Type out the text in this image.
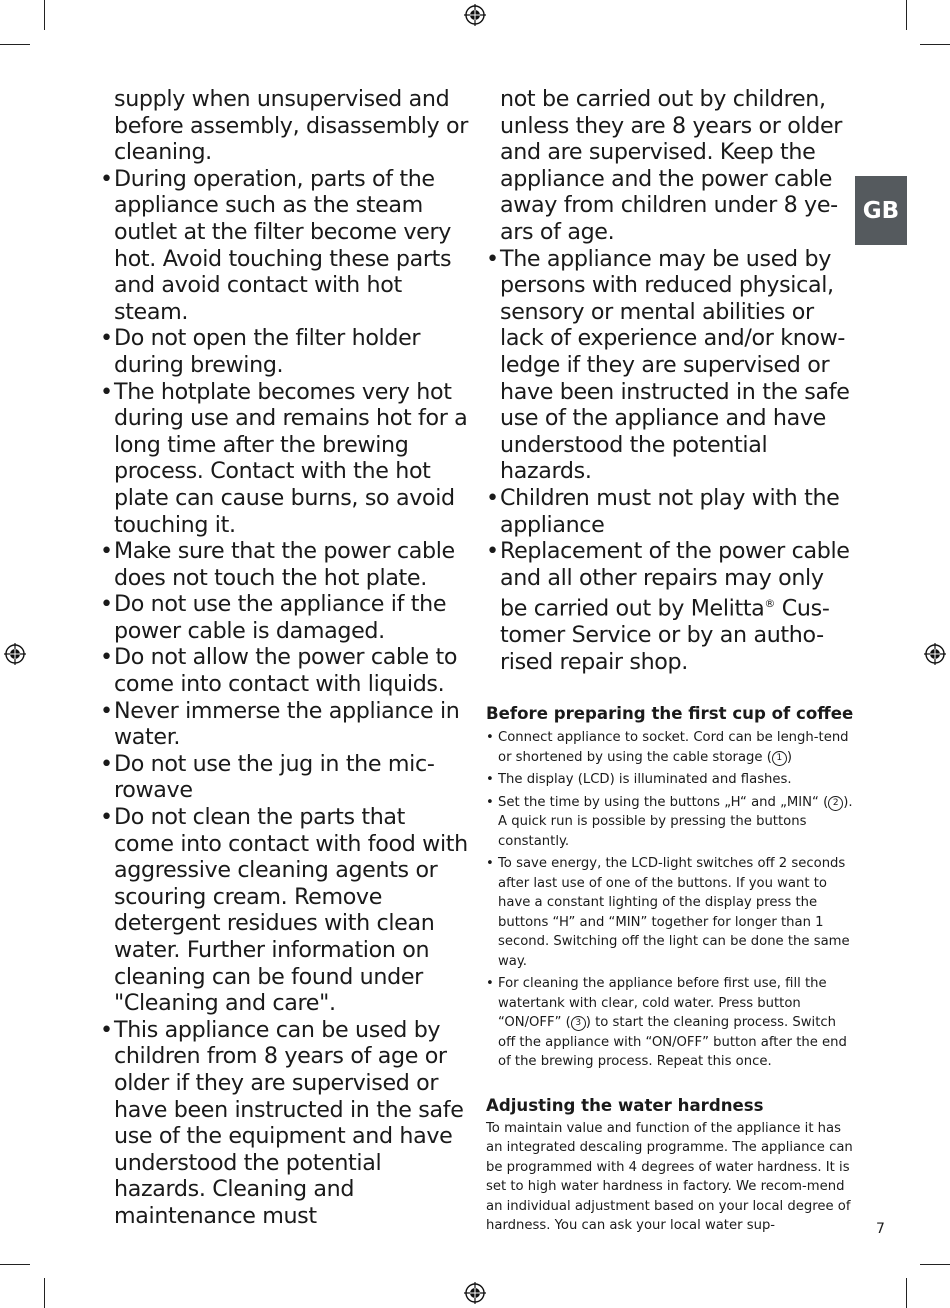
GB
supply when unsupervised and before assembly, disassembly or cleaning.
• During operation, parts of the appliance such as the steam outlet at the filter become very hot. Avoid touching these parts and avoid contact with hot steam.
• Do not open the filter holder during brewing.
• The hotplate becomes very hot during use and remains hot for a long time after the brewing process. Contact with the hot plate can cause burns, so avoid touching it.
• Make sure that the power cable does not touch the hot plate.
• Do not use the appliance if the power cable is damaged.
• Do not allow the power cable to come into contact with liquids.
• Never immerse the appliance in water.
• Do not use the jug in the mic-rowave
• Do not clean the parts that come into contact with food with aggressive cleaning agents or scouring cream. Remove detergent residues with clean water. Further information on cleaning can be found under "Cleaning and care".
• This appliance can be used by children from 8 years of age or older if they are supervised or have been instructed in the safe use of the equipment and have understood the potential hazards. Cleaning and maintenance must
not be carried out by children, unless they are 8 years or older and are supervised. Keep the appliance and the power cable away from children under 8 ye-ars of age.
• The appliance may be used by persons with reduced physical, sensory or mental abilities or lack of experience and/or know-ledge if they are supervised or have been instructed in the safe use of the appliance and have understood the potential hazards.
• Children must not play with the appliance
• Replacement of the power cable and all other repairs may only be carried out by Melitta® Cus-tomer Service or by an autho-rised repair shop.
Before preparing the first cup of coffee
• Connect appliance to socket. Cord can be lengh-tend or shortened by using the cable storage ( 1 )
• The display (LCD) is illuminated and flashes.
• Set the time by using the buttons „H“ and „MIN“ ( 2 ). A quick run is possible by pressing the buttons constantly.
• To save energy, the LCD-light switches off 2 seconds after last use of one of the buttons. If you want to have a constant lighting of the display press the buttons “H” and “MIN” together for longer than 1 second. Switching off the light can be done the same way.
• For cleaning the appliance before first use, fill the watertank with clear, cold water. Press button “ON/OFF” ( 3 ) to start the cleaning process. Switch off the appliance with “ON/OFF” button after the end of the brewing process. Repeat this once.
Adjusting the water hardness
To maintain value and function of the appliance it has an integrated descaling programme. The appliance can be programmed with 4 degrees of water hardness. It is set to high water hardness in factory. We recom-mend an individual adjustment based on your local degree of hardness. You can ask your local water sup-	7
